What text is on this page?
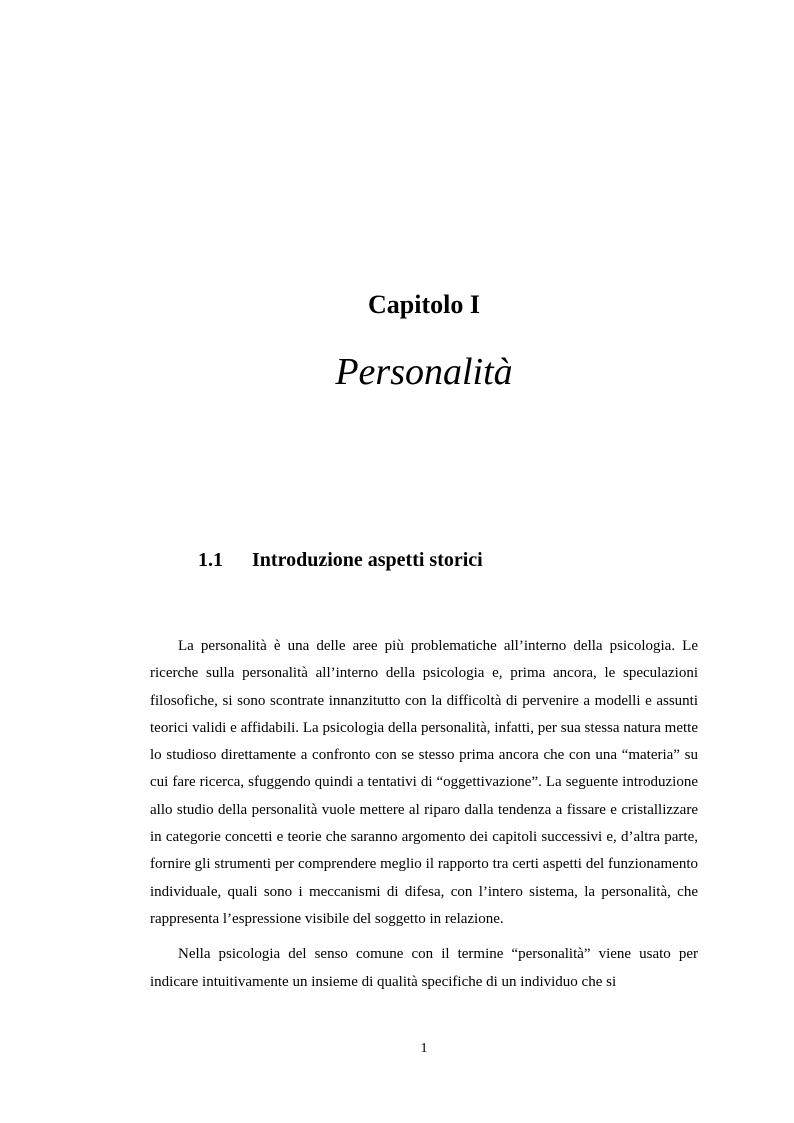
Capitolo I
Personalità
1.1 Introduzione aspetti storici

La personalità è una delle aree più problematiche all’interno della psicologia. Le ricerche sulla personalità all’interno della psicologia e, prima ancora, le speculazioni filosofiche, si sono scontrate innanzitutto con la difficoltà di pervenire a modelli e assunti teorici validi e affidabili. La psicologia della personalità, infatti, per sua stessa natura mette lo studioso direttamente a confronto con se stesso prima ancora che con una “materia” su cui fare ricerca, sfuggendo quindi a tentativi di “oggettivazione”. La seguente introduzione allo studio della personalità vuole mettere al riparo dalla tendenza a fissare e cristallizzare in categorie concetti e teorie che saranno argomento dei capitoli successivi e, d’altra parte, fornire gli strumenti per comprendere meglio il rapporto tra certi aspetti del funzionamento individuale, quali sono i meccanismi di difesa, con l’intero sistema, la personalità, che rappresenta l’espressione visibile del soggetto in relazione.

Nella psicologia del senso comune con il termine “personalità” viene usato per indicare intuitivamente un insieme di qualità specifiche di un individuo che si

1
